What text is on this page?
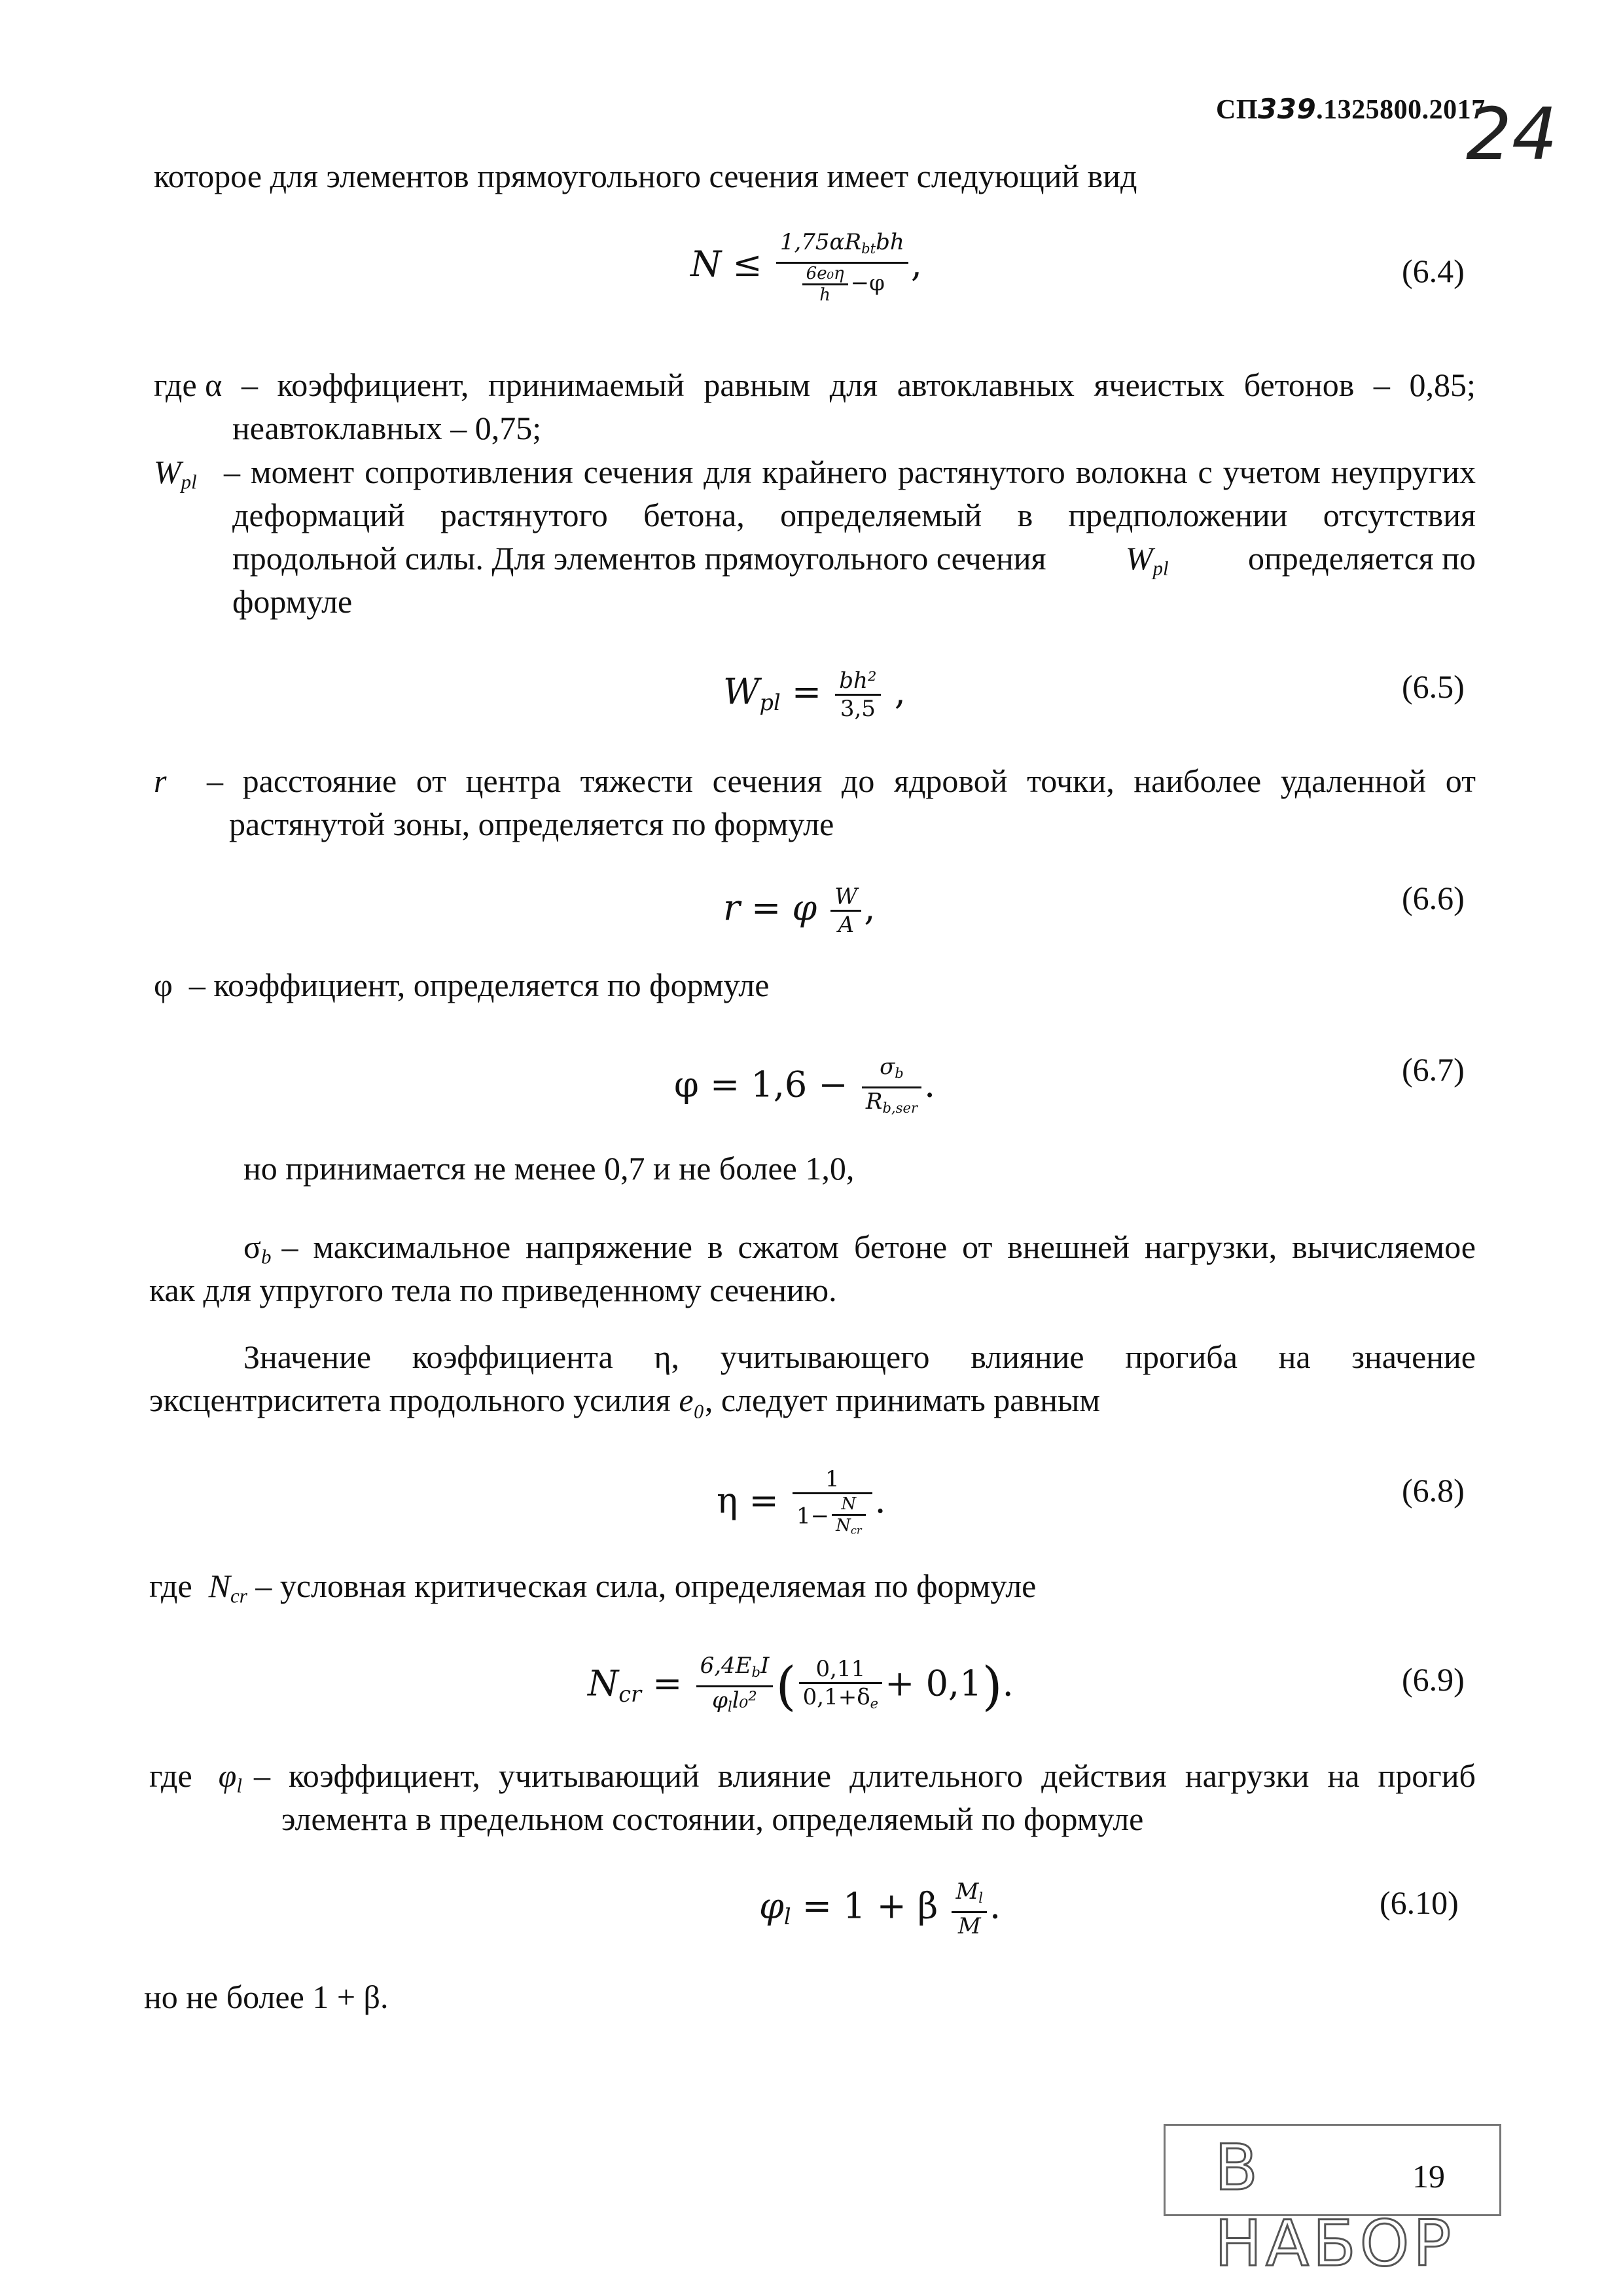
СП339.1325800.2017
24
которое для элементов прямоугольного сечения имеет следующий вид
$N \le \frac{1,75\alpha R_{bt}bh}{\frac{\text{6e₀η}}{h} -\varphi}$ ,	(6.4)
где α – коэффициент, принимаемый равным для автоклавных ячеистых бетонов – 0,85;
неавтоклавных – 0,75;
$W_{pl}$ – момент сопротивления сечения для крайнего растянутого волокна с учетом неупругих
деформаций растянутого бетона, определяемый в предположении отсутствия
продольной силы. Для элементов прямоугольного сечения $W_{pl}$ определяется по
формуле
$W_{pl} = \frac{\text{bh²}}{3,5}$ ,	(6.5)
r – расстояние от центра тяжести сечения до ядровой точки, наиболее удаленной от
растянутой зоны, определяется по формуле
r = φ $\frac{W}{A}$ ,	(6.6)
φ  – коэффициент, определяется по формуле
$\varphi = 1,6 - \frac{\sigma_b}{R_{b,ser}}$ .	(6.7)
но принимается не менее 0,7 и не более 1,0,
$\sigma_b$ – максимальное напряжение в сжатом бетоне от внешней нагрузки, вычисляемое
как для упругого тела по приведенному сечению.
Значение коэффициента η, учитывающего влияние прогиба на значение
эксцентриситета продольного усилия e₀, следует принимать равным
$\eta = \frac{1}{1- \frac{N}{N_{cr}}}$ .	(6.8)
где $N_{cr}$ – условная критическая сила, определяемая по формуле
$N_{cr} = \frac{6,4E_bI}{\varphi_ll_0^2}$ ( $\frac{0,11}{0,1+\delta_e} + 0,1$).	(6.9)
где $\varphi_l$ – коэффициент, учитывающий влияние длительного действия нагрузки на прогиб
элемента в предельном состоянии, определяемый по формуле
$\varphi_l = 1 + \beta \frac{M_l}{M}$ .	(6.10)
но не более 1 + β.
В НАБОР
19
